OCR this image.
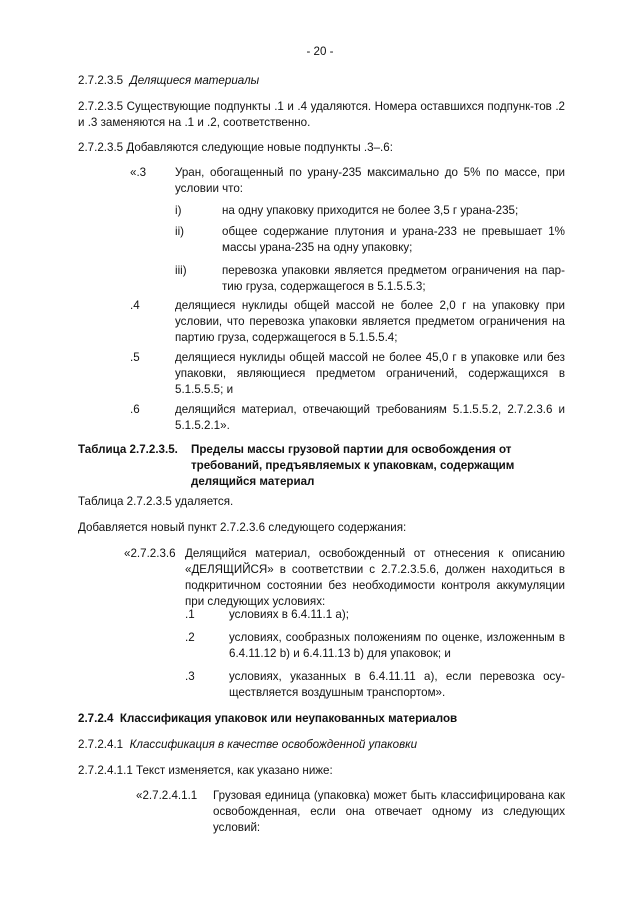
- 20 -
2.7.2.3.5 Делящиеся материалы
2.7.2.3.5 Существующие подпункты .1 и .4 удаляются. Номера оставшихся подпунк-тов .2 и .3 заменяются на .1 и .2, соответственно.
2.7.2.3.5 Добавляются следующие новые подпункты .3–.6:
«.3 Уран, обогащенный по урану-235 максимально до 5% по массе, при условии что:
i)	на одну упаковку приходится не более 3,5 г урана-235;
ii)	общее содержание плутония и урана-233 не превышает 1% массы урана-235 на одну упаковку;
iii)	перевозка упаковки является предметом ограничения на пар-тию груза, содержащегося в 5.1.5.5.3;
.4	делящиеся нуклиды общей массой не более 2,0 г на упаковку при условии, что перевозка упаковки является предметом ограничения на партию груза, содержащегося в 5.1.5.5.4;
.5	делящиеся нуклиды общей массой не более 45,0 г в упаковке или без упаковки, являющиеся предметом ограничений, содержащихся в 5.1.5.5.5; и
.6	делящийся материал, отвечающий требованиям 5.1.5.5.2, 2.7.2.3.6 и 5.1.5.2.1».
Таблица 2.7.2.3.5. Пределы массы грузовой партии для освобождения от требований, предъявляемых к упаковкам, содержащим делящийся материал
Таблица 2.7.2.3.5 удаляется.
Добавляется новый пункт 2.7.2.3.6 следующего содержания:
«2.7.2.3.6 Делящийся материал, освобожденный от отнесения к описанию «ДЕЛЯЩИЙСЯ» в соответствии с 2.7.2.3.5.6, должен находиться в подкритичном состоянии без необходимости контроля аккумуляции при следующих условиях:
.1	условиях в 6.4.11.1 a);
.2	условиях, сообразных положениям по оценке, изложенным в 6.4.11.12 b) и 6.4.11.13 b) для упаковок; и
.3	условиях, указанных в 6.4.11.11 a), если перевозка осу-ществляется воздушным транспортом».
2.7.2.4 Классификация упаковок или неупакованных материалов
2.7.2.4.1 Классификация в качестве освобожденной упаковки
2.7.2.4.1.1 Текст изменяется, как указано ниже:
«2.7.2.4.1.1 Грузовая единица (упаковка) может быть классифицирована как освобожденная, если она отвечает одному из следующих условий:
